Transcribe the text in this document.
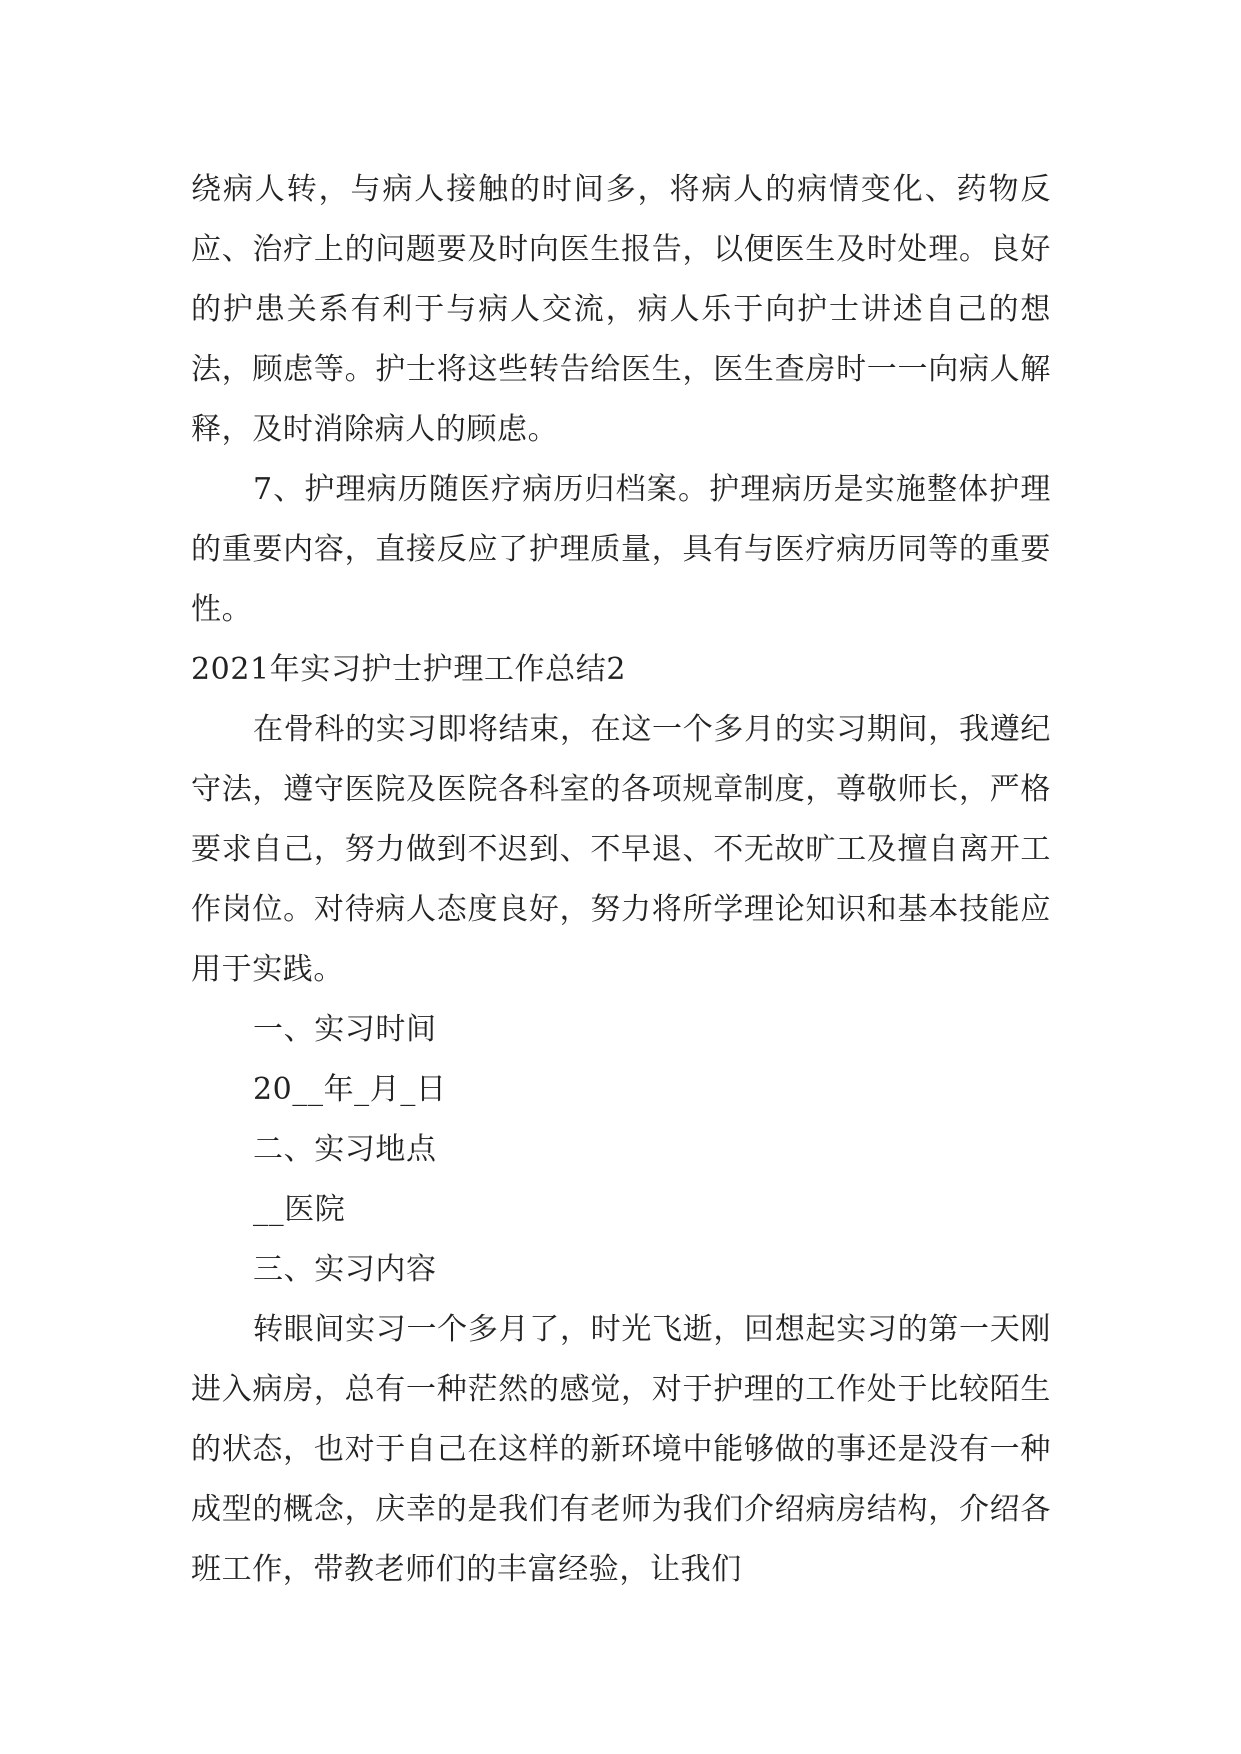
绕病人转，与病人接触的时间多，将病人的病情变化、药物反应、治疗上的问题要及时向医生报告，以便医生及时处理。良好的护患关系有利于与病人交流，病人乐于向护士讲述自己的想法，顾虑等。护士将这些转告给医生，医生查房时一一向病人解释，及时消除病人的顾虑。

7、护理病历随医疗病历归档案。护理病历是实施整体护理的重要内容，直接反应了护理质量，具有与医疗病历同等的重要性。

2021年实习护士护理工作总结2

在骨科的实习即将结束，在这一个多月的实习期间，我遵纪守法，遵守医院及医院各科室的各项规章制度，尊敬师长，严格要求自己，努力做到不迟到、不早退、不无故旷工及擅自离开工作岗位。对待病人态度良好，努力将所学理论知识和基本技能应用于实践。

一、实习时间

20__年_月_日

二、实习地点

__医院

三、实习内容

转眼间实习一个多月了，时光飞逝，回想起实习的第一天刚进入病房，总有一种茫然的感觉，对于护理的工作处于比较陌生的状态，也对于自己在这样的新环境中能够做的事还是没有一种成型的概念，庆幸的是我们有老师为我们介绍病房结构，介绍各班工作，带教老师们的丰富经验，让我们
